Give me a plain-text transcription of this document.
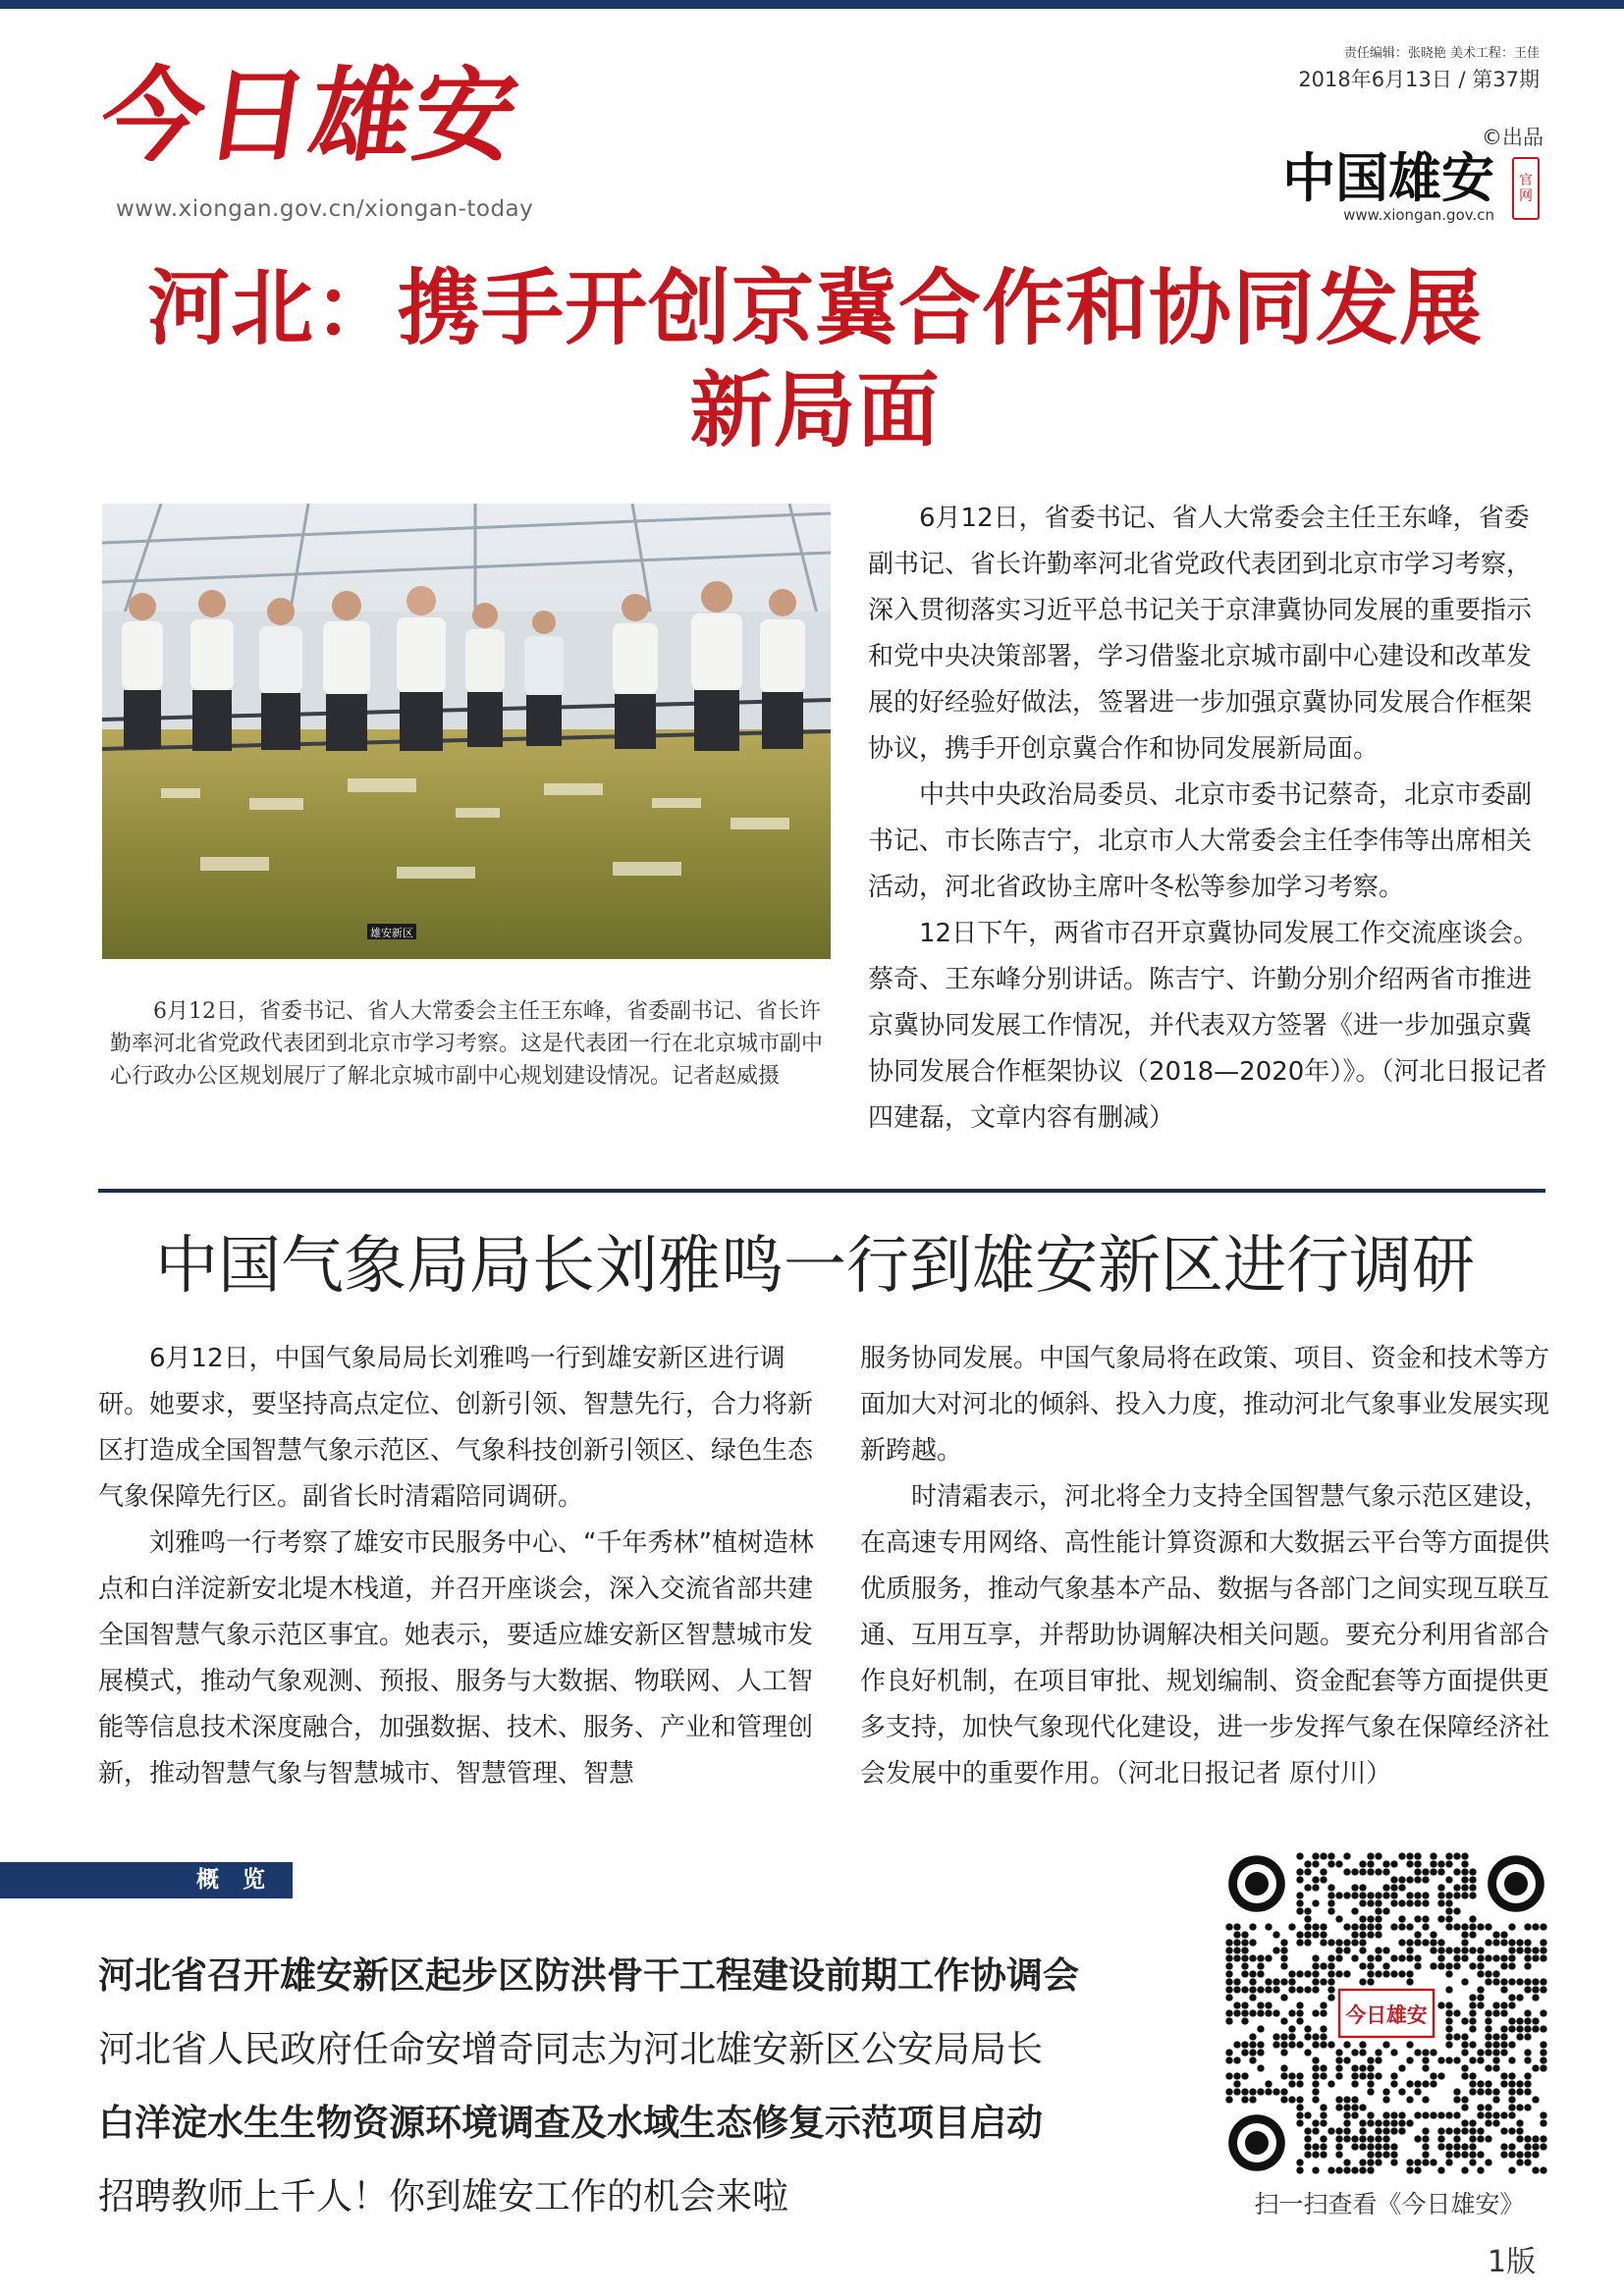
今日雄安
www.xiongan.gov.cn/xiongan-today
责任编辑：张晓艳 美术工程：王佳
2018年6月13日 / 第37期
©出品
中国雄安	官网
www.xiongan.gov.cn
河北：携手开创京冀合作和协同发展
新局面
雄安新区

6月12日，省委书记、省人大常委会主任王东峰，省委副书记、省长许勤率河北省党政代表团到北京市学习考察。这是代表团一行在北京城市副中心行政办公区规划展厅了解北京城市副中心规划建设情况。记者赵威摄

6月12日，省委书记、省人大常委会主任王东峰，省委副书记、省长许勤率河北省党政代表团到北京市学习考察，深入贯彻落实习近平总书记关于京津冀协同发展的重要指示和党中央决策部署，学习借鉴北京城市副中心建设和改革发展的好经验好做法，签署进一步加强京冀协同发展合作框架协议，携手开创京冀合作和协同发展新局面。

中共中央政治局委员、北京市委书记蔡奇，北京市委副书记、市长陈吉宁，北京市人大常委会主任李伟等出席相关活动，河北省政协主席叶冬松等参加学习考察。

12日下午，两省市召开京冀协同发展工作交流座谈会。蔡奇、王东峰分别讲话。陈吉宁、许勤分别介绍两省市推进京冀协同发展工作情况，并代表双方签署《进一步加强京冀协同发展合作框架协议（2018—2020年）》。（河北日报记者 四建磊，文章内容有删减）

中国气象局局长刘雅鸣一行到雄安新区进行调研

6月12日，中国气象局局长刘雅鸣一行到雄安新区进行调研。她要求，要坚持高点定位、创新引领、智慧先行，合力将新区打造成全国智慧气象示范区、气象科技创新引领区、绿色生态气象保障先行区。副省长时清霜陪同调研。

刘雅鸣一行考察了雄安市民服务中心、“千年秀林”植树造林点和白洋淀新安北堤木栈道，并召开座谈会，深入交流省部共建全国智慧气象示范区事宜。她表示，要适应雄安新区智慧城市发展模式，推动气象观测、预报、服务与大数据、物联网、人工智能等信息技术深度融合，加强数据、技术、服务、产业和管理创新，推动智慧气象与智慧城市、智慧管理、智慧

服务协同发展。中国气象局将在政策、项目、资金和技术等方面加大对河北的倾斜、投入力度，推动河北气象事业发展实现新跨越。

时清霜表示，河北将全力支持全国智慧气象示范区建设，在高速专用网络、高性能计算资源和大数据云平台等方面提供优质服务，推动气象基本产品、数据与各部门之间实现互联互通、互用互享，并帮助协调解决相关问题。要充分利用省部合作良好机制，在项目审批、规划编制、资金配套等方面提供更多支持，加快气象现代化建设，进一步发挥气象在保障经济社会发展中的重要作用。（河北日报记者 原付川）

概 览
河北省召开雄安新区起步区防洪骨干工程建设前期工作协调会
河北省人民政府任命安增奇同志为河北雄安新区公安局局长
白洋淀水生生物资源环境调查及水域生态修复示范项目启动
招聘教师上千人！你到雄安工作的机会来啦
今日雄安
扫一扫查看《今日雄安》
1版
